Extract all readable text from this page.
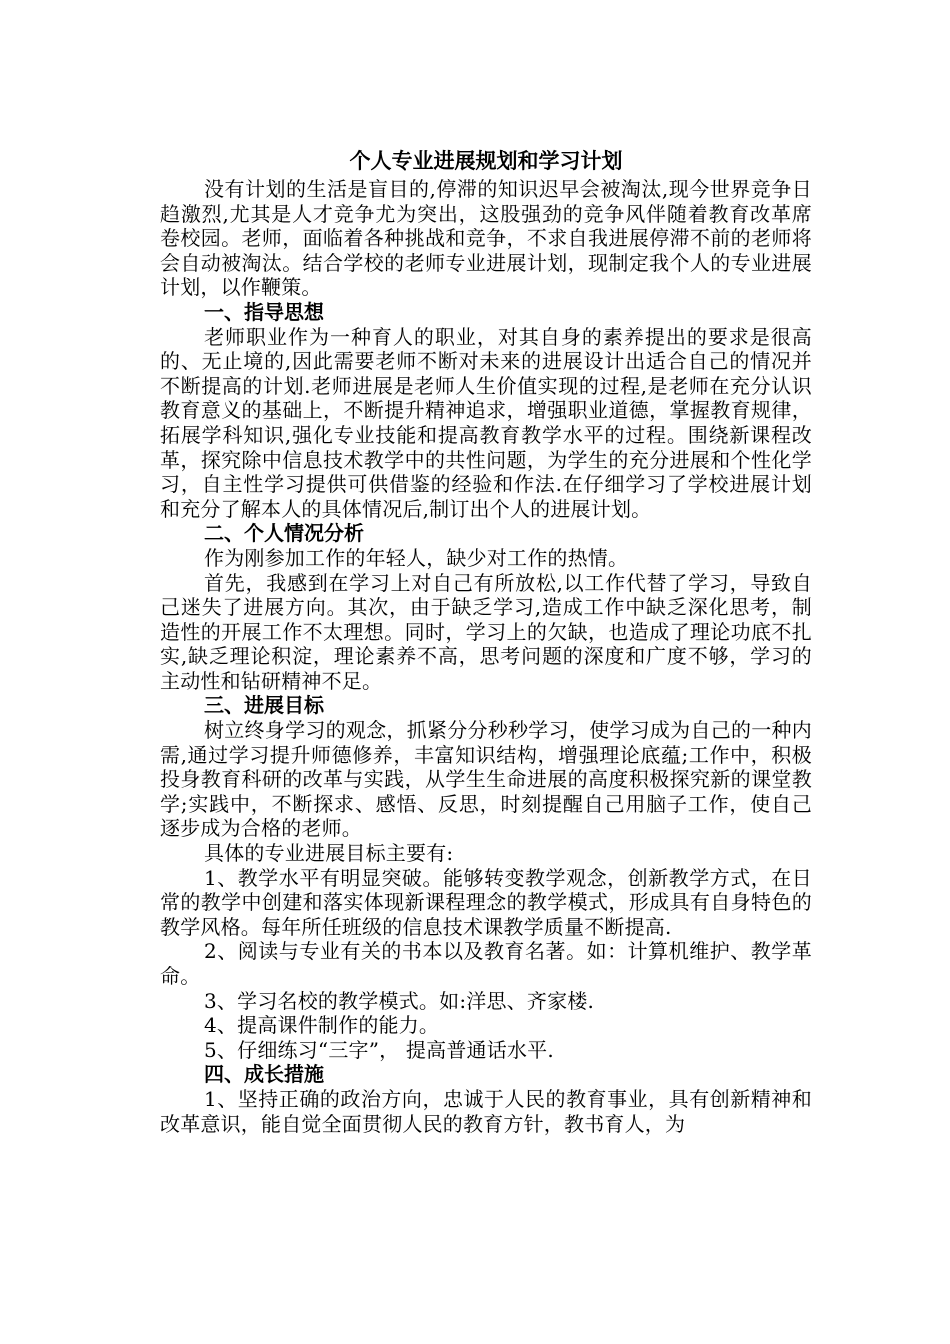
个人专业进展规划和学习计划

没有计划的生活是盲目的,停滞的知识迟早会被淘汰,现今世界竞争日趋激烈,尤其是人才竞争尤为突出，这股强劲的竞争风伴随着教育改革席卷校园。老师，面临着各种挑战和竞争，不求自我进展停滞不前的老师将会自动被淘汰。结合学校的老师专业进展计划，现制定我个人的专业进展计划，以作鞭策。

一、指导思想

老师职业作为一种育人的职业，对其自身的素养提出的要求是很高的、无止境的,因此需要老师不断对未来的进展设计出适合自己的情况并不断提高的计划.老师进展是老师人生价值实现的过程,是老师在充分认识教育意义的基础上，不断提升精神追求，增强职业道德，掌握教育规律，拓展学科知识,强化专业技能和提高教育教学水平的过程。围绕新课程改革，探究除中信息技术教学中的共性问题，为学生的充分进展和个性化学习，自主性学习提供可供借鉴的经验和作法.在仔细学习了学校进展计划和充分了解本人的具体情况后,制订出个人的进展计划。

二、个人情况分析

作为刚参加工作的年轻人，缺少对工作的热情。

首先，我感到在学习上对自己有所放松,以工作代替了学习，导致自己迷失了进展方向。其次，由于缺乏学习,造成工作中缺乏深化思考，制造性的开展工作不太理想。同时，学习上的欠缺，也造成了理论功底不扎实,缺乏理论积淀，理论素养不高，思考问题的深度和广度不够，学习的主动性和钻研精神不足。

三、进展目标

树立终身学习的观念，抓紧分分秒秒学习，使学习成为自己的一种内需,通过学习提升师德修养，丰富知识结构，增强理论底蕴;工作中，积极投身教育科研的改革与实践，从学生生命进展的高度积极探究新的课堂教学;实践中，不断探求、感悟、反思，时刻提醒自己用脑子工作，使自己逐步成为合格的老师。

具体的专业进展目标主要有:

1、教学水平有明显突破。能够转变教学观念，创新教学方式，在日常的教学中创建和落实体现新课程理念的教学模式，形成具有自身特色的教学风格。每年所任班级的信息技术课教学质量不断提高.

2、阅读与专业有关的书本以及教育名著。如：计算机维护、教学革命。

3、学习名校的教学模式。如:洋思、齐家楼.

4、提高课件制作的能力。

5、仔细练习“三字”， 提高普通话水平.

四、成长措施

1、坚持正确的政治方向，忠诚于人民的教育事业，具有创新精神和改革意识，能自觉全面贯彻人民的教育方针，教书育人，为
